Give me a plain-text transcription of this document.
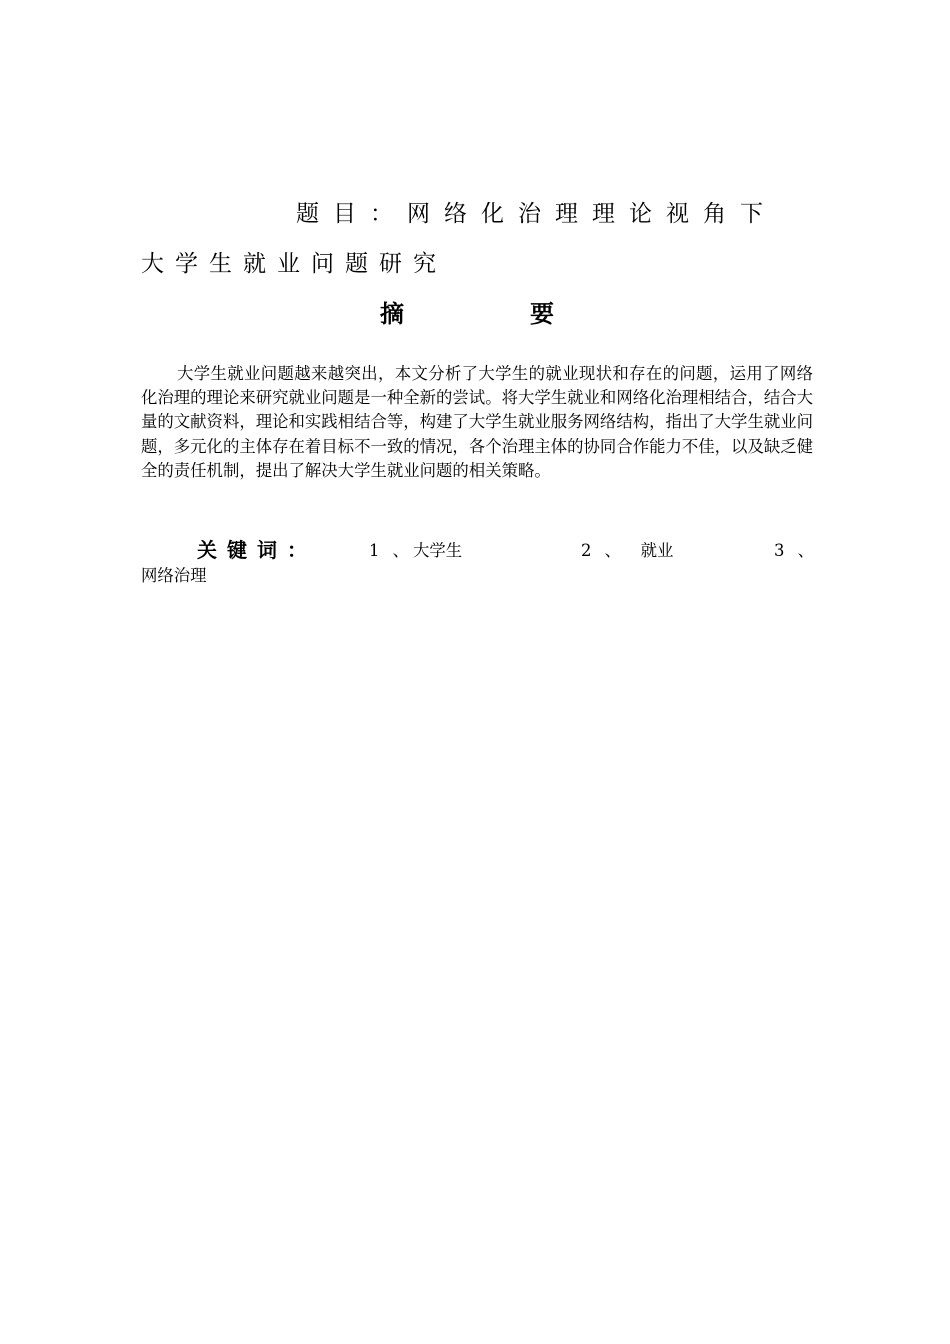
题目：网络化治理理论视角下
大学生就业问题研究
摘	要
大学生就业问题越来越突出，本文分析了大学生的就业现状和存在的问题，运用了网络化治理的理论来研究就业问题是一种全新的尝试。将大学生就业和网络化治理相结合，结合大量的文献资料，理论和实践相结合等，构建了大学生就业服务网络结构，指出了大学生就业问题，多元化的主体存在着目标不一致的情况，各个治理主体的协同合作能力不佳，以及缺乏健全的责任机制，提出了解决大学生就业问题的相关策略。
关键词：	1 、大学生	2 、 就业	3 、
网络治理
